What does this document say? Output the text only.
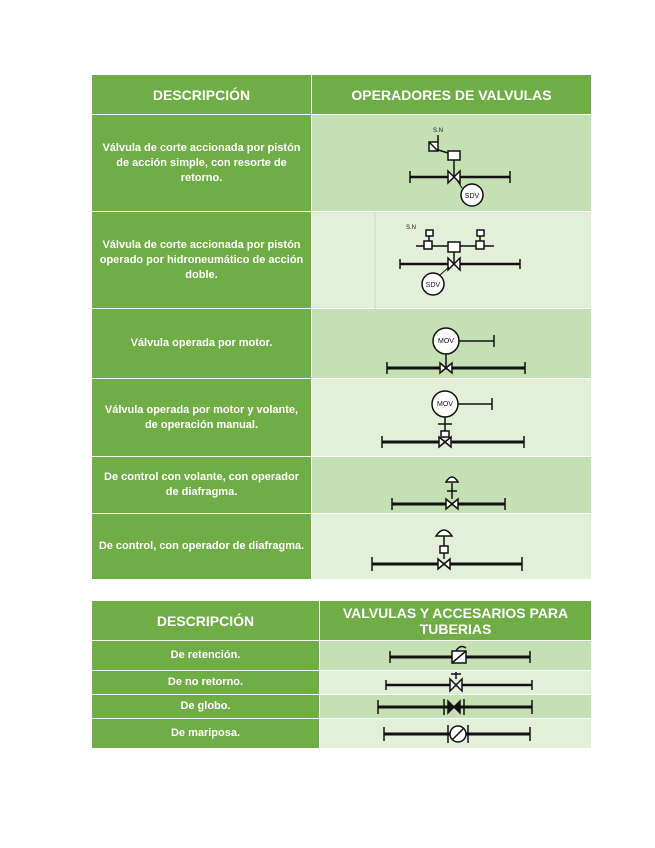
DESCRIPCIÓN	OPERADORES DE VALVULAS
Válvula de corte accionada por pistón de acción simple, con resorte de retorno.	S.N
SDV

Válvula de corte accionada por pistón operado por hidroneumático de acción doble.	S.N
SDV

Válvula operada por motor.	MOV

Válvula operada por motor y volante, de operación manual.	MOV

De control con volante, con operador de diafragma.	

De control, con operador de diafragma.	
DESCRIPCIÓN	VALVULAS Y ACCESARIOS PARA TUBERIAS
De retención.	

De no retorno.	

De globo.	

De mariposa.	
